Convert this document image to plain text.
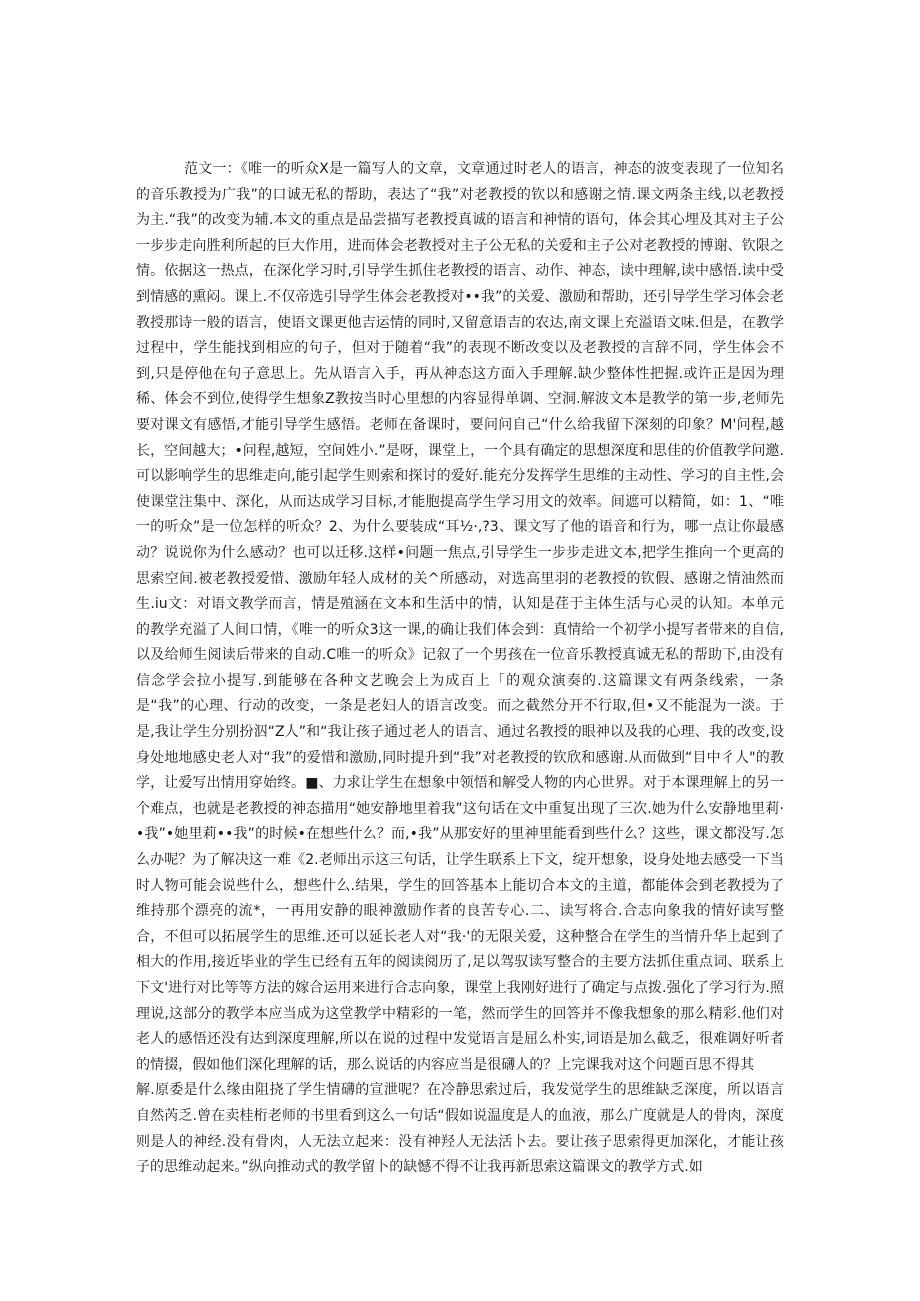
范文一：《唯一的听众X是一篇写人的文章，文章通过时老人的语言，神态的波变表现了一位知名的音乐教授为广我”的口诚无私的帮助，表达了“我”对老教授的钦以和感谢之情.课文两条主线,以老教授为主.“我”的改变为辅.本文的重点是品尝描写老教授真诚的语言和神情的语句，体会其心埋及其对主子公一步步走向胜利所起的巨大作用，进而体会老教授对主子公无私的关爱和主子公对老教授的博谢、钦限之情。依据这一热点，在深化学习时,引导学生抓住老教授的语言、动作、神态，读中理解,读中感悟.读中受到情感的熏闷。课上.不仅帝选引导学生体会老教授对••我”的关爱、激励和帮助，还引导学生学习体会老教授那诗一般的语言，使语文课更他吉运情的同时,又留意语吉的农达,南文课上充溢语文味.但是，在教学过程中，学生能找到相应的句子，但对于随着“我”的表现不断改变以及老教授的言辞不同，学生体会不到,只是停他在句子意思上。先从语言入手，再从神态这方面入手理解.缺少整体性把握.或许正是因为理稀、体会不到位,使得学生想象Z教按当时心里想的内容显得单调、空洞.解波文本是教学的第一步,老师先要对课文有感悟,才能引导学生感悟。老师在备课时，要问问自己“什么给我留下深刻的印象？M'问程,越长，空间越大；•问程,越短，空间姓小.”是呀，课堂上，一个具有确定的思想深度和思佳的价值教学问邀.可以影响学生的思维走向,能引起学生则索和探讨的爱好.能充分发挥学生思维的主动性、学习的自主性,会使课堂注集中、深化，从而达成学习目标,才能胞提高学生学习用文的效率。间遮可以精简，如：1、“唯一的听众”是一位怎样的听众？2、为什么要装成“耳½·,?3、课文写了他的语音和行为，哪一点让你最感动？说说你为什么感动？也可以迁移.这样•问题一焦点,引导学生一步步走进文本,把学生推向一个更高的思索空间.被老教授爱惜、激励年轻人成材的关^所感动，对选高里羽的老教授的钦假、感谢之情油然而生.iu文：对语文教学而言，情是殖涵在文本和生活中的情，认知是荏于主体生活与心灵的认知。本单元的教学充溢了人间口情，《唯一的听众3这一课,的确让我们体会到：真情给一个初学小提写者带来的自信,以及给师生阅读后带来的自动.C唯一的听众》记叙了一个男孩在一位音乐教授真诚无私的帮助下,由没有信念学会拉小提写.到能够在各种文艺晚会上为成百上「的观众演奏的.这篇课文有两条线索，一条是“我”的心理、行动的改变，一条是老妇人的语言改变。而之截然分开不行取,但•又不能混为一淡。于是,我让学生分别扮泅“Z人”和“我让孩子通过老人的语言、通过名教授的眼神以及我的心理、我的改变,设身处地地感史老人对“我”的爱惜和激励,同时提升到“我”对老教授的钦欣和感谢.从而做到“目中彳人"的教学，让爱写出情用穿始终。■、力求让学生在想象中领悟和解受人物的内心世界。对于本课理解上的另一个难点，也就是老教授的神态描用“她安静地里着我”这句话在文中重复出现了三次.她为什么安静地里莉·•我”•她里莉••我”的时候•在想些什么？而,•我”从那安好的里神里能看到些什么？这些，课文都没写.怎么办呢？为了解决这一难《2.老师出示这三句话，让学生联系上下文，绽开想象，设身处地去感受一下当时人物可能会说些什么，想些什么.结果，学生的回答基本上能切合本文的主道，都能体会到老教授为了维持那个漂亮的流*，一再用安静的眼神激励作者的良苦专心.二、读写将合.合志向象我的情好读写整合，不但可以拓展学生的思维.还可以延长老人对“我·'的无限关爱，这种整合在学生的当情升华上起到了相大的作用,接近毕业的学生已经有五年的阅读阅历了,足以驾驭读写整合的主要方法抓住重点词、联系上下文'进行对比等等方法的嫁合运用来进行合志向象，课堂上我刚好进行了确定与点拨.强化了学习行为.照理说,这部分的教学本应当成为这堂教学中精彩的一笔，然而学生的回答并不像我想象的那么精彩.他们对老人的感悟还没有达到深度理解,所以在说的过程中发觉语言是屈么朴实,词语是加么截乏，很难调好听者的情掇，假如他们深化理解的话，那么说话的内容应当是很礴人的？上完课我对这个问题百思不得其

解.原委是什么缘由阻挠了学生情礴的宣泄呢？在冷静思索过后，我发觉学生的思维缺乏深度，所以语言自然芮乏.曾在卖桂桁老师的书里看到这么一句话“假如说温度是人的血液，那么广度就是人的骨肉，深度则是人的神经.没有骨肉，人无法立起来：没有神羟人无法活卜去。要让孩子思索得更加深化，才能让孩子的思维动起来。”纵向推动式的教学留卜的缺憾不得不让我再新思索这篇课文的教学方式.如
